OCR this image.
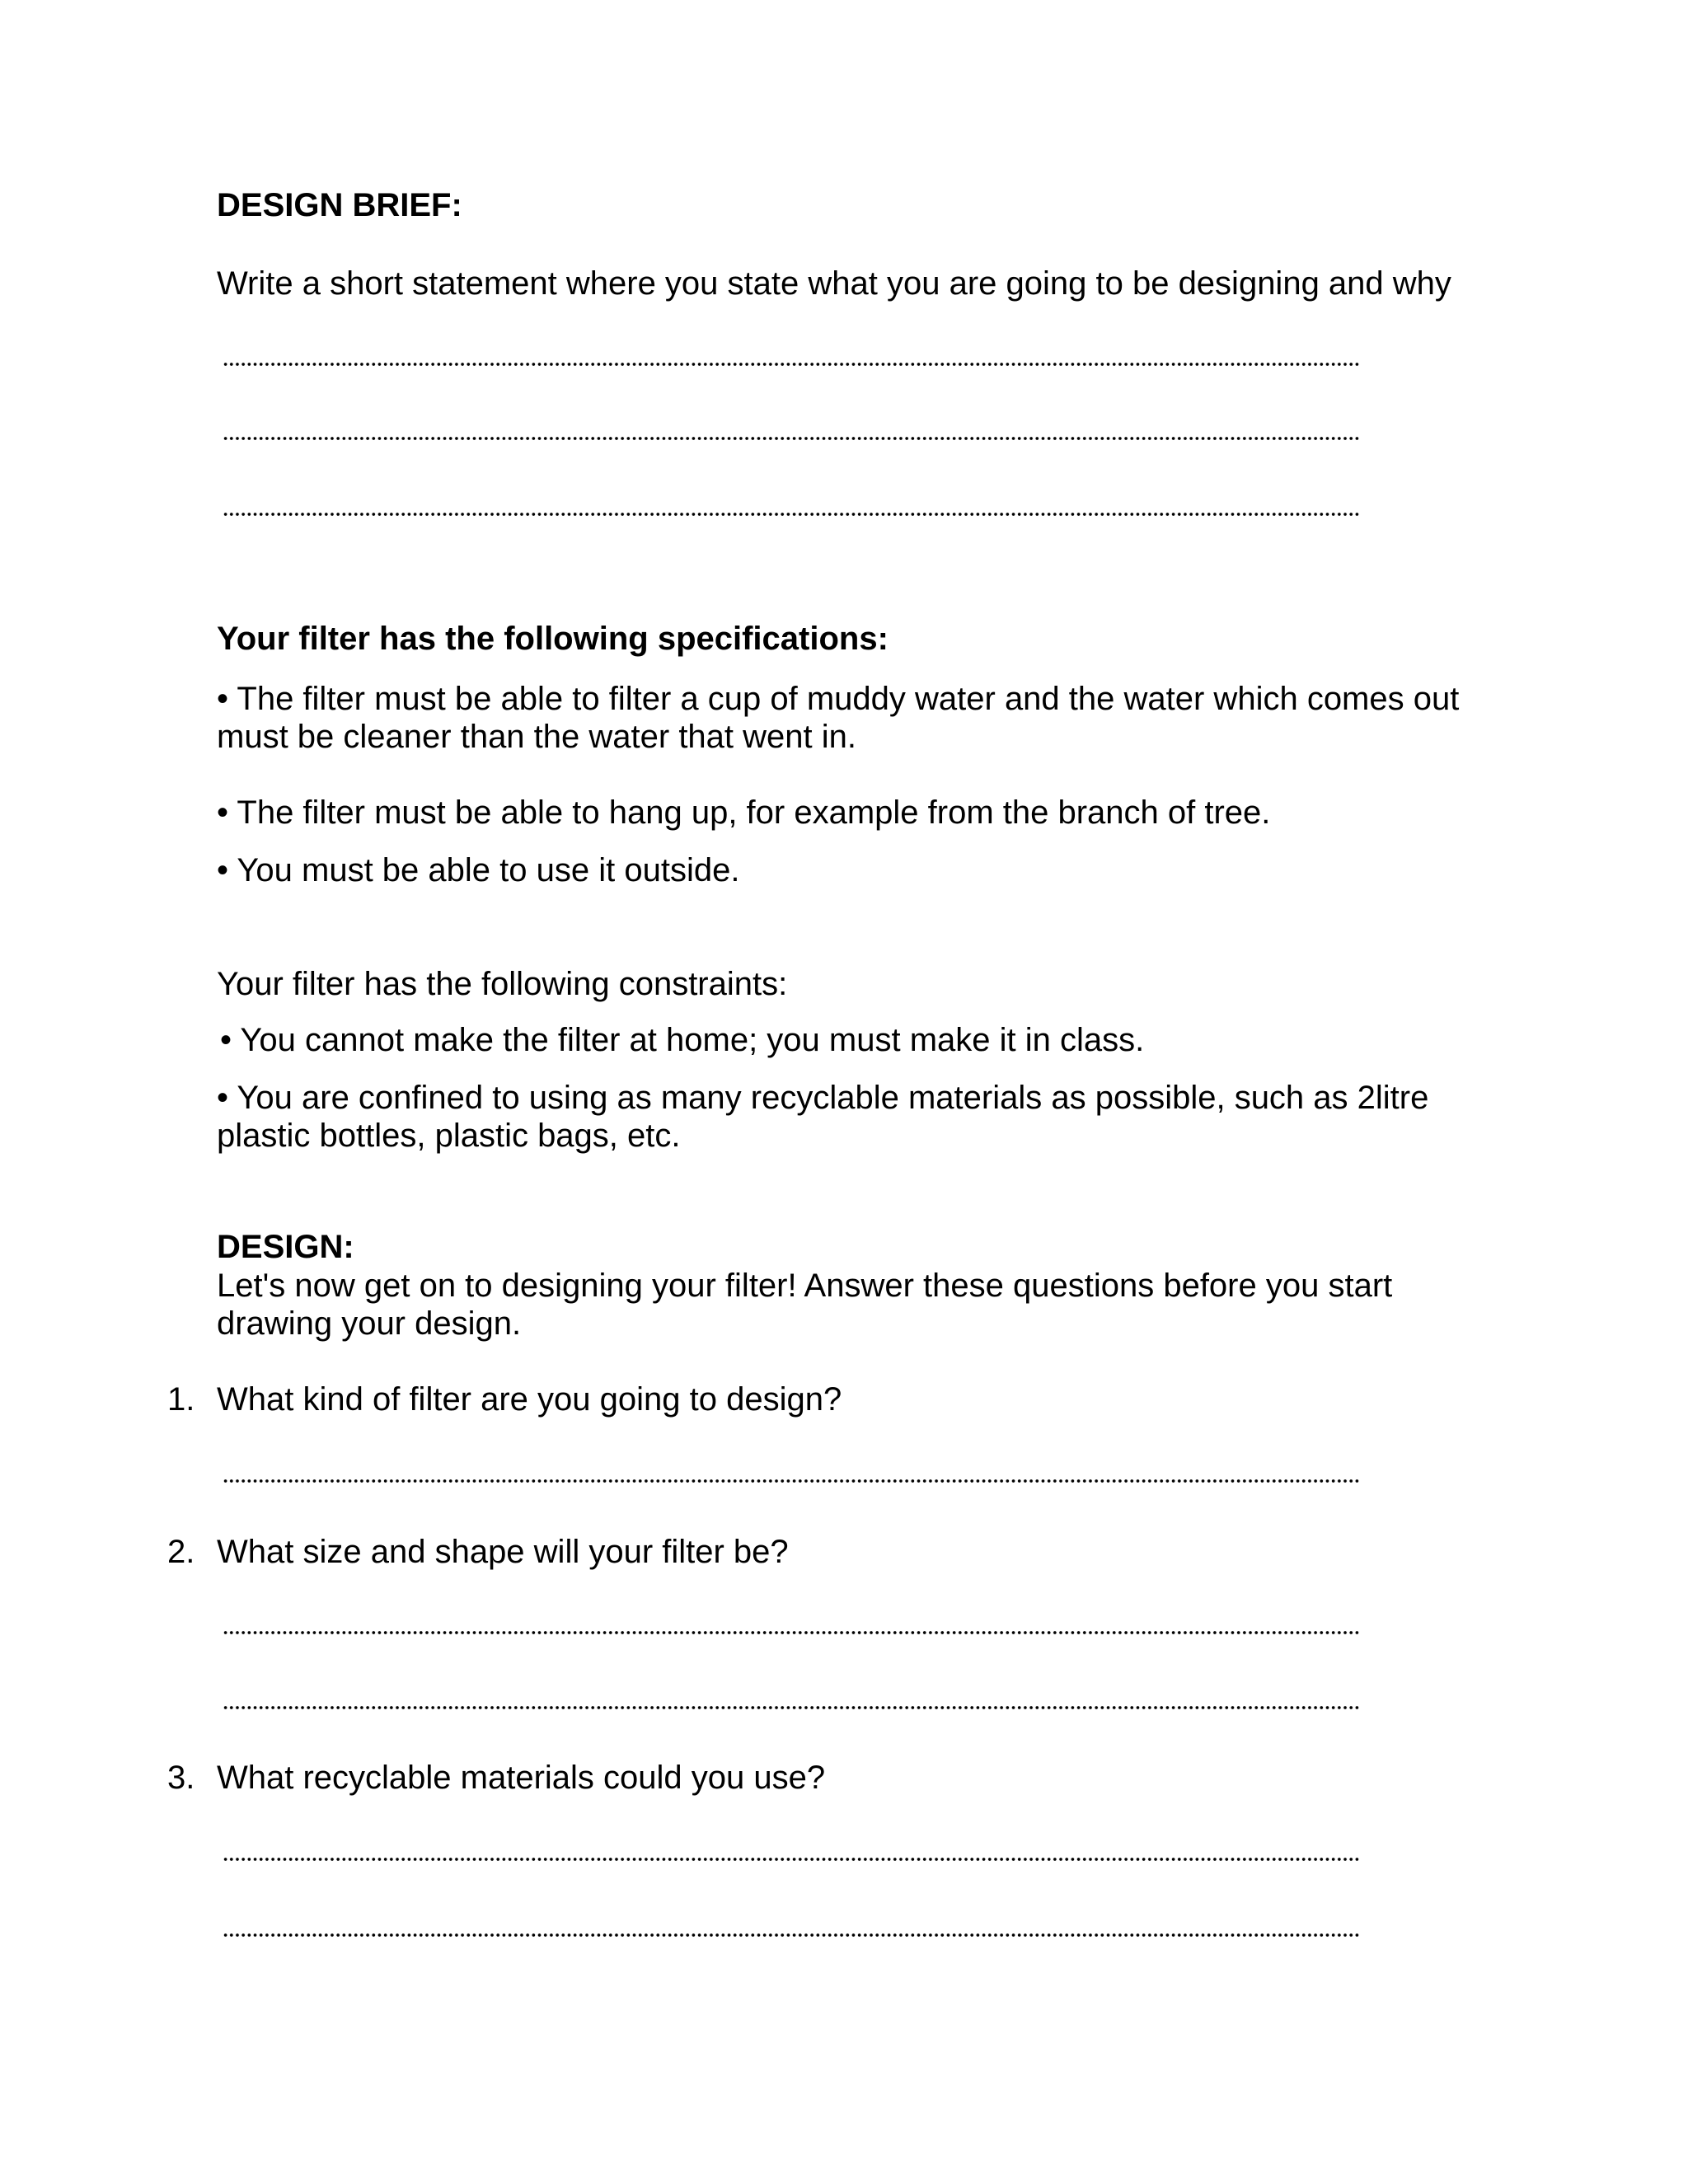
DESIGN BRIEF:

Write a short statement where you state what you are going to be designing and why

Your filter has the following specifications:

• The filter must be able to filter a cup of muddy water and the water which comes out must be cleaner than the water that went in.

• The filter must be able to hang up, for example from the branch of tree.

• You must be able to use it outside.

Your filter has the following constraints:

• You cannot make the filter at home; you must make it in class.

• You are confined to using as many recyclable materials as possible, such as 2litre plastic bottles, plastic bags, etc.

DESIGN:

Let's now get on to designing your filter! Answer these questions before you start drawing your design.

1. What kind of filter are you going to design?

2. What size and shape will your filter be?

3. What recyclable materials could you use?
